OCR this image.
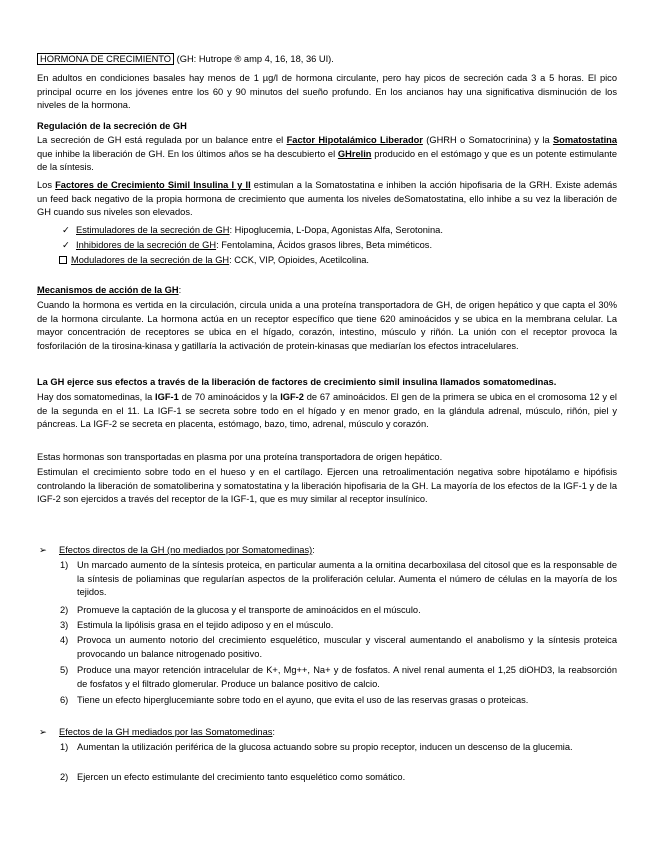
HORMONA DE CRECIMIENTO (GH: Hutrope ® amp 4, 16, 18, 36 UI).

En adultos en condiciones basales hay menos de 1 µg/l de hormona circulante, pero hay picos de secreción cada 3 a 5 horas. El pico principal ocurre en los jóvenes entre los 60 y 90 minutos del sueño profundo. En los ancianos hay una significativa disminución de los niveles de la hormona.

Regulación de la secreción de GH

La secreción de GH está regulada por un balance entre el Factor Hipotalámico Liberador (GHRH o Somatocrinina) y la Somatostatina que inhibe la liberación de GH. En los últimos años se ha descubierto el GHrelin producido en el estómago y que es un potente estimulante de la síntesis.

Los Factores de Crecimiento Simil Insulina I y II estimulan a la Somatostatina e inhiben la acción hipofisaria de la GRH. Existe además un feed back negativo de la propia hormona de crecimiento que aumenta los niveles deSomatostatina, ello inhibe a su vez la liberación de GH cuando sus niveles son elevados.

✓ Estimuladores de la secreción de GH: Hipoglucemia, L-Dopa, Agonistas Alfa, Serotonina.
✓ Inhibidores de la secreción de GH: Fentolamina, Ácidos grasos libres, Beta miméticos.
Moduladores de la secreción de la GH: CCK, VIP, Opioides, Acetilcolina.

Mecanismos de acción de la GH:

Cuando la hormona es vertida en la circulación, circula unida a una proteína transportadora de GH, de origen hepático y que capta el 30% de la hormona circulante. La hormona actúa en un receptor específico que tiene 620 aminoácidos y se ubica en la membrana celular. La mayor concentración de receptores se ubica en el hígado, corazón, intestino, músculo y riñón. La unión con el receptor provoca la fosforilación de la tirosina-kinasa y gatillaría la activación de protein-kinasas que mediarían los efectos intracelulares.

La GH ejerce sus efectos a través de la liberación de factores de crecimiento simil insulina llamados somatomedinas.

Hay dos somatomedinas, la IGF-1 de 70 aminoácidos y la IGF-2 de 67 aminoácidos. El gen de la primera se ubica en el cromosoma 12 y el de la segunda en el 11. La IGF-1 se secreta sobre todo en el hígado y en menor grado, en la glándula adrenal, músculo, riñón, piel y páncreas. La IGF-2 se secreta en placenta, estómago, bazo, timo, adrenal, músculo y corazón.

Estas hormonas son transportadas en plasma por una proteína transportadora de origen hepático.

Estimulan el crecimiento sobre todo en el hueso y en el cartílago. Ejercen una retroalimentación negativa sobre hipotálamo e hipófisis controlando la liberación de somatoliberina y somatostatina y la liberación hipofisaria de la GH. La mayoría de los efectos de la IGF-1 y de la IGF-2 son ejercidos a través del receptor de la IGF-1, que es muy similar al receptor insulínico.

➢ Efectos directos de la GH (no mediados por Somatomedinas):

1) Un marcado aumento de la síntesis proteica, en particular aumenta a la ornitina decarboxilasa del citosol que es la responsable de la síntesis de poliaminas que regularían aspectos de la proliferación celular. Aumenta el número de células en la mayoría de los tejidos.

2) Promueve la captación de la glucosa y el transporte de aminoácidos en el músculo.

3) Estimula la lipólisis grasa en el tejido adiposo y en el músculo.

4) Provoca un aumento notorio del crecimiento esquelético, muscular y visceral aumentando el anabolismo y la síntesis proteica provocando un balance nitrogenado positivo.

5) Produce una mayor retención intracelular de K+, Mg++, Na+ y de fosfatos. A nivel renal aumenta el 1,25 diOHD3, la reabsorción de fosfatos y el filtrado glomerular. Produce un balance positivo de calcio.

6) Tiene un efecto hiperglucemiante sobre todo en el ayuno, que evita el uso de las reservas grasas o proteicas.

➢ Efectos de la GH mediados por las Somatomedinas:

1) Aumentan la utilización periférica de la glucosa actuando sobre su propio receptor, inducen un descenso de la glucemia.

2) Ejercen un efecto estimulante del crecimiento tanto esquelético como somático.
